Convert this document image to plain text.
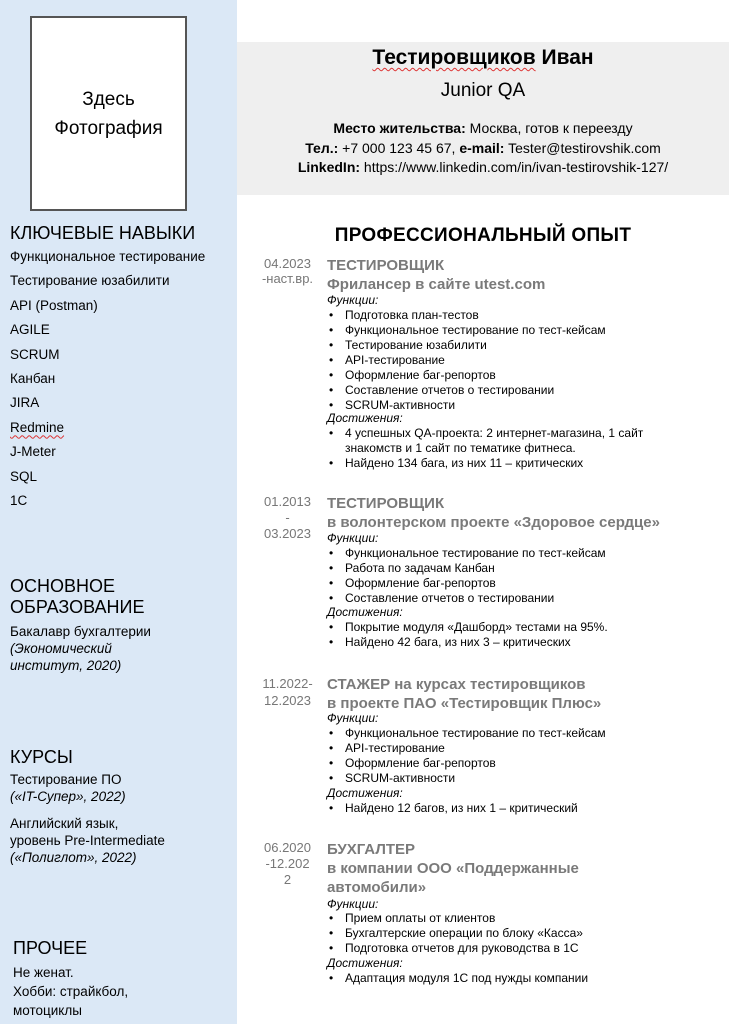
Здесь
Фотография
Тестировщиков Иван
Junior QA
Место жительства: Москва, готов к переезду
Тел.: +7 000 123 45 67, e-mail: Tester@testirovshik.com
LinkedIn: https://www.linkedin.com/in/ivan-testirovshik-127/
КЛЮЧЕВЫЕ НАВЫКИ
Функциональное тестирование
Тестирование юзабилити
API (Postman)
AGILE
SCRUM
Канбан
JIRA
Redmine
J-Meter
SQL
1С
ОСНОВНОЕ
ОБРАЗОВАНИЕ
Бакалавр бухгалтерии
(Экономический
институт, 2020)
КУРСЫ
Тестирование ПО
(«IT-Супер», 2022)
Английский язык,
уровень Pre-Intermediate
(«Полиглот», 2022)
ПРОЧЕЕ
Не женат.
Хобби: страйкбол,
мотоциклы
ПРОФЕССИОНАЛЬНЫЙ ОПЫТ
04.2023
-наст.вр.
ТЕСТИРОВЩИК
Фрилансер в сайте utest.com
Функции:
• Подготовка план-тестов
• Функциональное тестирование по тест-кейсам
• Тестирование юзабилити
• API-тестирование
• Оформление баг-репортов
• Составление отчетов о тестировании
• SCRUM-активности
Достижения:
• 4 успешных QA-проекта: 2 интернет-магазина, 1 сайт знакомств и 1 сайт по тематике фитнеса.
• Найдено 134 бага, из них 11 – критических
01.2013
-
03.2023
ТЕСТИРОВЩИК
в волонтерском проекте «Здоровое сердце»
Функции:
• Функциональное тестирование по тест-кейсам
• Работа по задачам Канбан
• Оформление баг-репортов
• Составление отчетов о тестировании
Достижения:
• Покрытие модуля «Дашборд» тестами на 95%.
• Найдено 42 бага, из них 3 – критических
11.2022-
12.2023
СТАЖЕР на курсах тестировщиков
в проекте ПАО «Тестировщик Плюс»
Функции:
• Функциональное тестирование по тест-кейсам
• API-тестирование
• Оформление баг-репортов
• SCRUM-активности
Достижения:
• Найдено 12 багов, из них 1 – критический
06.2020
-12.202
2
БУХГАЛТЕР
в компании ООО «Поддержанные
автомобили»
Функции:
• Прием оплаты от клиентов
• Бухгалтерские операции по блоку «Касса»
• Подготовка отчетов для руководства в 1С
Достижения:
• Адаптация модуля 1С под нужды компании
